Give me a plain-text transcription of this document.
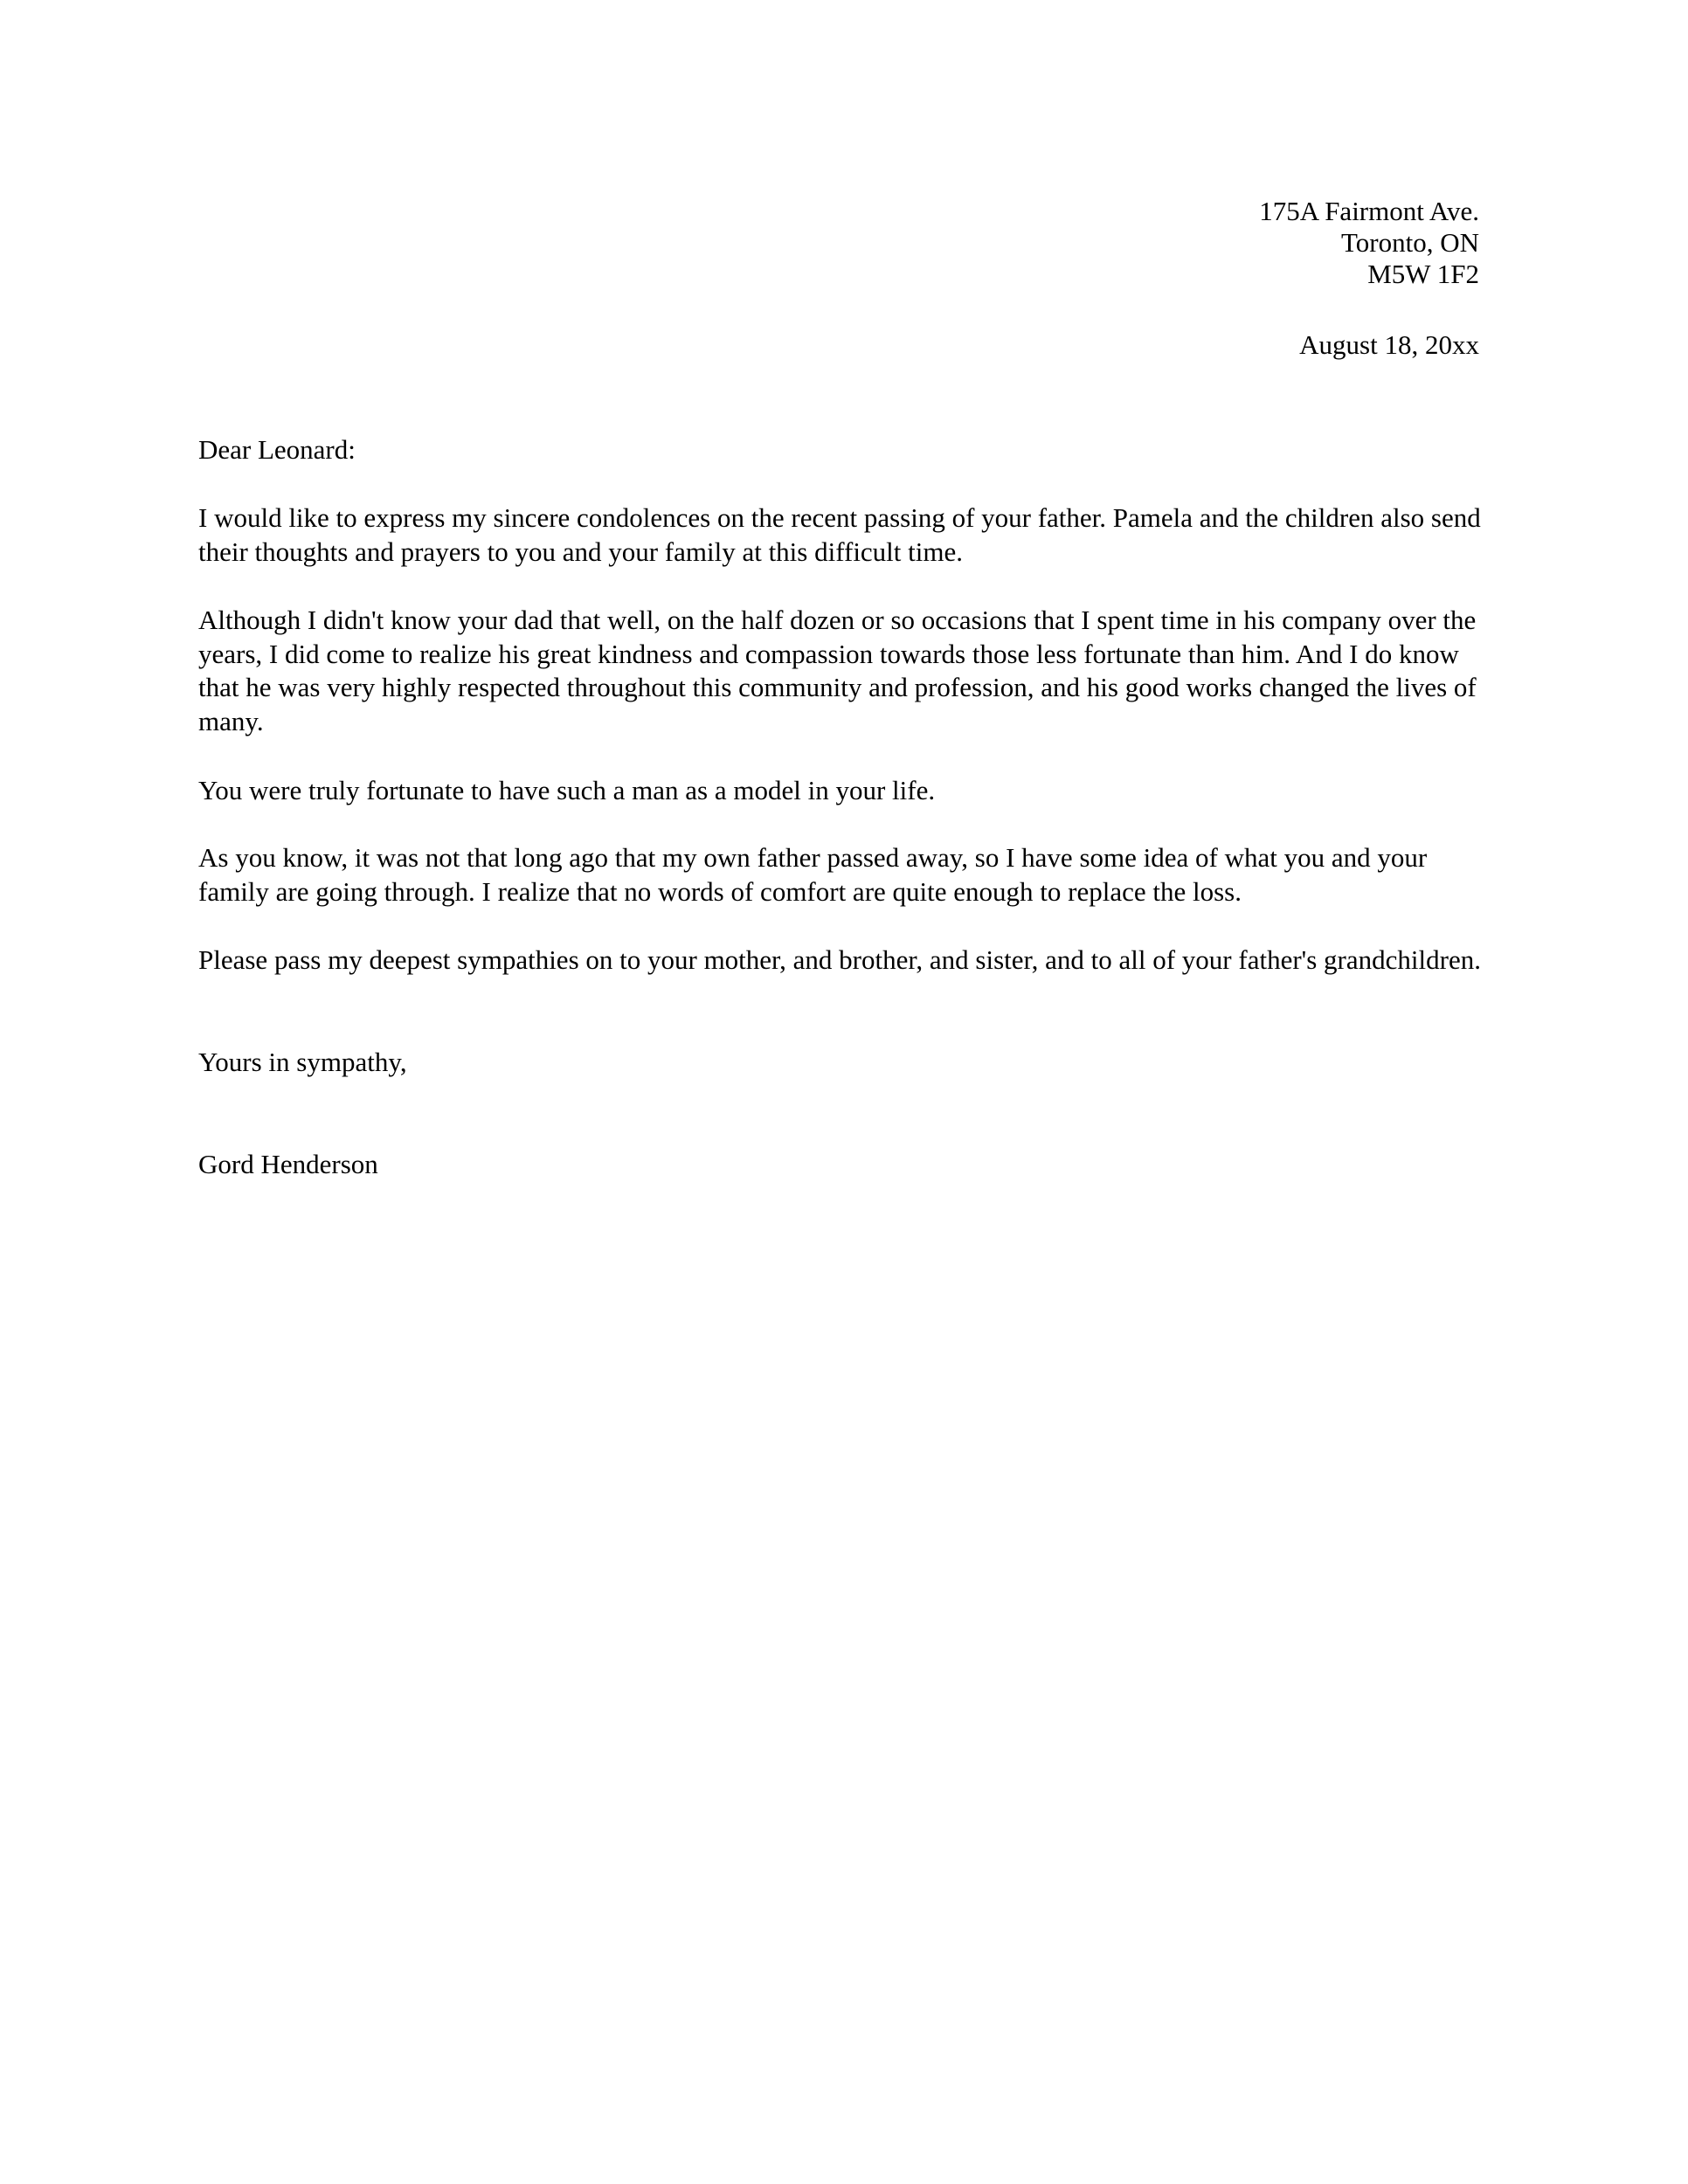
175A Fairmont Ave.
Toronto, ON
M5W 1F2
August 18, 20xx

Dear Leonard:

I would like to express my sincere condolences on the recent passing of your father. Pamela and the children also send their thoughts and prayers to you and your family at this difficult time.

Although I didn't know your dad that well, on the half dozen or so occasions that I spent time in his company over the years, I did come to realize his great kindness and compassion towards those less fortunate than him. And I do know that he was very highly respected throughout this community and profession, and his good works changed the lives of many.

You were truly fortunate to have such a man as a model in your life.

As you know, it was not that long ago that my own father passed away, so I have some idea of what you and your family are going through. I realize that no words of comfort are quite enough to replace the loss.

Please pass my deepest sympathies on to your mother, and brother, and sister, and to all of your father's grandchildren.

Yours in sympathy,

Gord Henderson
